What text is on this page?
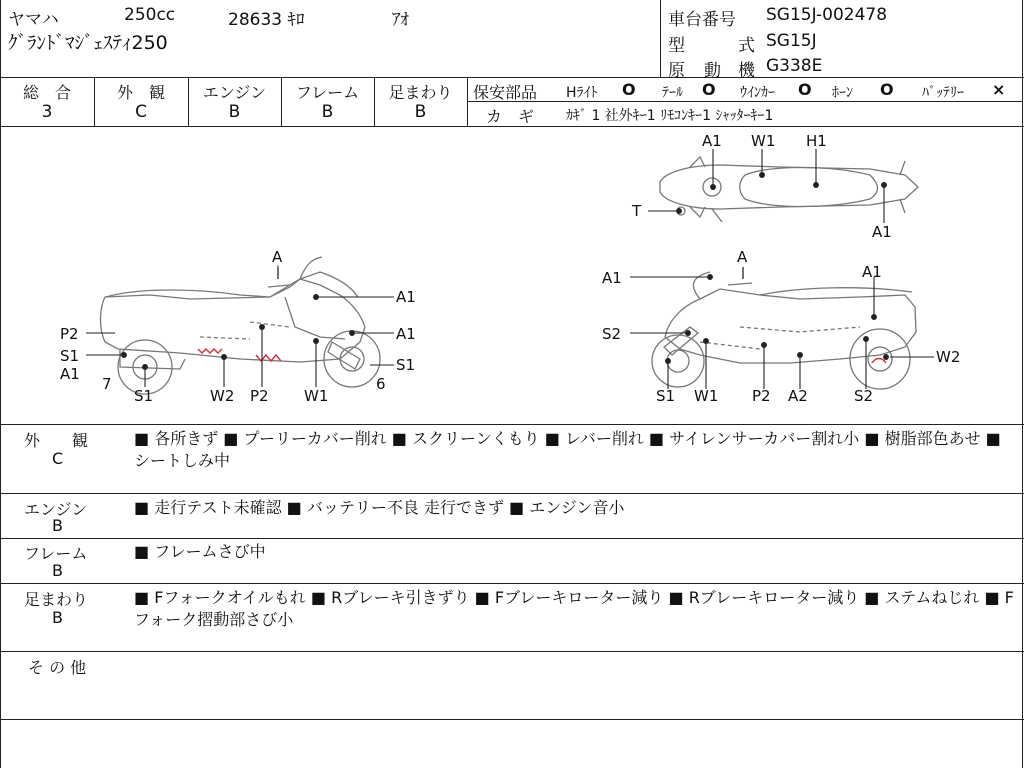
ヤマハ	250cc	28633 ｷﾛ	ｱｵ
ｸﾞﾗﾝﾄﾞﾏｼﾞｪｽﾃｨ250
車台番号 SG15J-002478
型	式 SG15J
原 動 機 G338E
総　合
3
外　観
C
エンジン
B
フレーム
B
足まわり
B
保安部品 Hﾗｲﾄ O ﾃｰﾙ O ｳｲﾝｶｰ O ﾎｰﾝ O ﾊﾞｯﾃﾘｰ ×
カ　ギ ｶｷﾞ 1 社外ｷｰ1 ﾘﾓｺﾝｷｰ1 ｼｬｯﾀｰｷｰ1
A
A1
P2	A1
S1
A1	S1
7
S1	W2 P2 W1
6
A
A1	A1
S2
W2
S1 W1 P2 A2	S2
A1 W1 H1
T
A1
外　　観
C
■ 各所きず ■ プーリーカバー削れ ■ スクリーンくもり ■ レバー削れ ■ サイレンサーカバー割れ小 ■ 樹脂部色あせ ■ シートしみ中
エンジン
B
■ 走行テスト未確認 ■ バッテリー不良 走行できず ■ エンジン音小
フレーム
B
■ フレームさび中
足まわり
B
■ Fフォークオイルもれ ■ Rブレーキ引きずり ■ Fブレーキローター減り ■ Rブレーキローター減り ■ ステムねじれ ■ Fフォーク摺動部さび小
そ の 他
